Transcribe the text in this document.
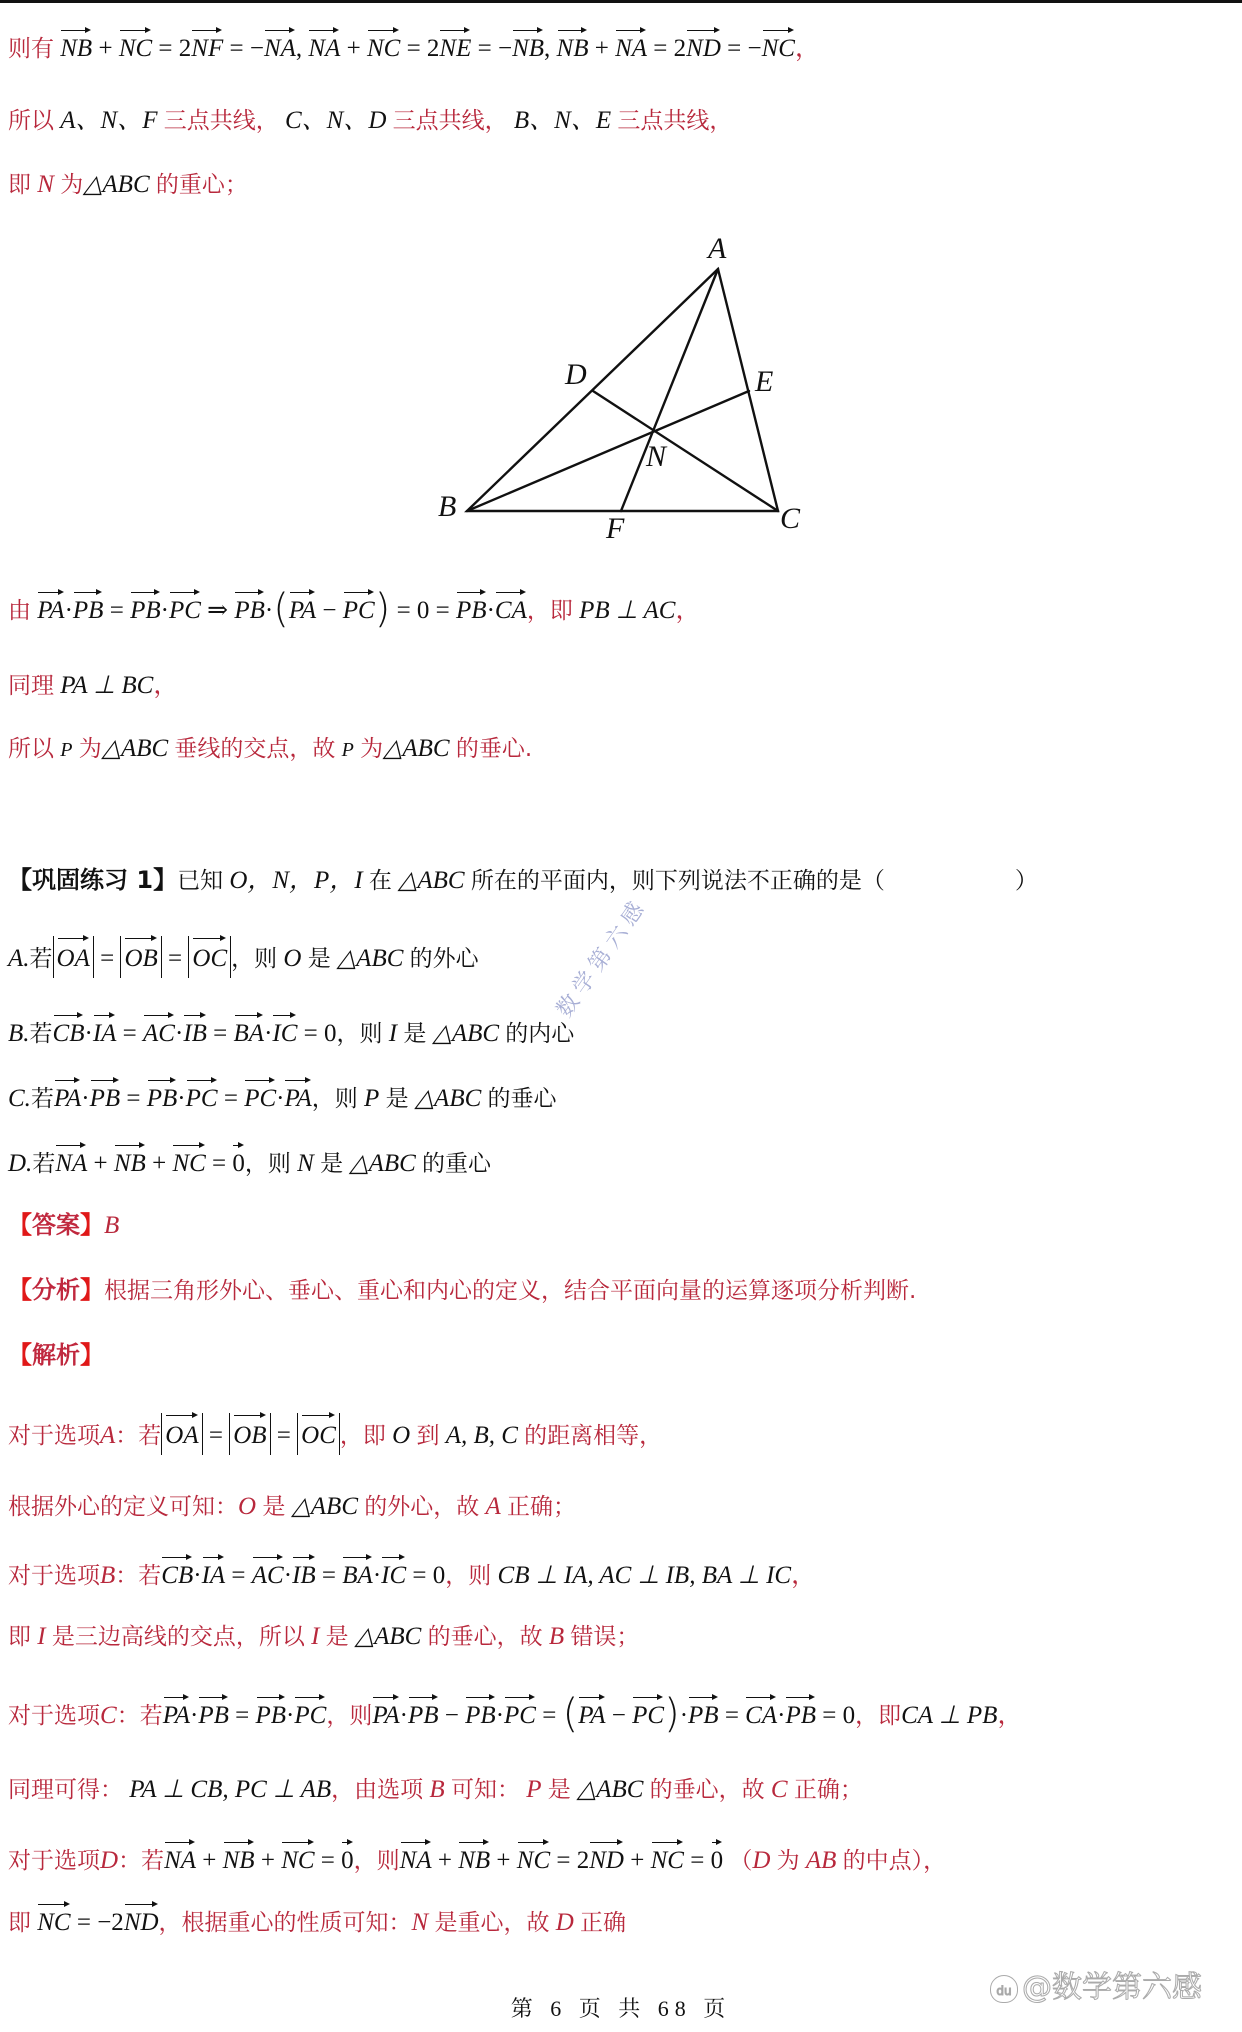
则有 NB + NC = 2NF = −NA, NA + NC = 2NE = −NB, NB + NA = 2ND = −NC，
所以 A、N、F 三点共线， C、N、D 三点共线， B、N、E 三点共线，
即 N 为△ABC 的重心；
A
D	E
N
B
F	C
由 PA·PB = PB·PC ⇒ PB·(PA − PC) = 0 = PB·CA，即 PB ⊥ AC，
同理 PA ⊥ BC，
所以 P 为△ABC 垂线的交点，故 P 为△ABC 的垂心.
【巩固练习 1】已知 O，N，P，I 在 △ABC 所在的平面内，则下列说法不正确的是（	）
A.若 OA = OB = OC ，则 O 是 △ABC 的外心
B.若CB·IA = AC·IB = BA·IC = 0，则 I 是 △ABC 的内心
C.若PA·PB = PB·PC = PC·PA，则 P 是 △ABC 的垂心
D.若NA + NB + NC = 0，则 N 是 △ABC 的重心
数学第六感
【答案】B
【分析】根据三角形外心、垂心、重心和内心的定义，结合平面向量的运算逐项分析判断.
【解析】
对于选项A：若 OA = OB = OC ，即 O 到 A, B, C 的距离相等，
根据外心的定义可知：O 是 △ABC 的外心，故 A 正确；
对于选项B：若CB·IA = AC·IB = BA·IC = 0，则 CB ⊥ IA, AC ⊥ IB, BA ⊥ IC，
即 I 是三边高线的交点，所以 I 是 △ABC 的垂心，故 B 错误；
对于选项C：若PA·PB = PB·PC，则PA·PB − PB·PC = (PA − PC)·PB = CA·PB = 0，即CA ⊥ PB，
同理可得： PA ⊥ CB, PC ⊥ AB，由选项 B 可知： P 是 △ABC 的垂心，故 C 正确；
对于选项D：若NA + NB + NC = 0，则NA + NB + NC = 2ND + NC = 0 （D 为 AB 的中点），
即 NC = −2ND，根据重心的性质可知：N 是重心，故 D 正确
du @数学第六感
第 6 页 共 68 页
